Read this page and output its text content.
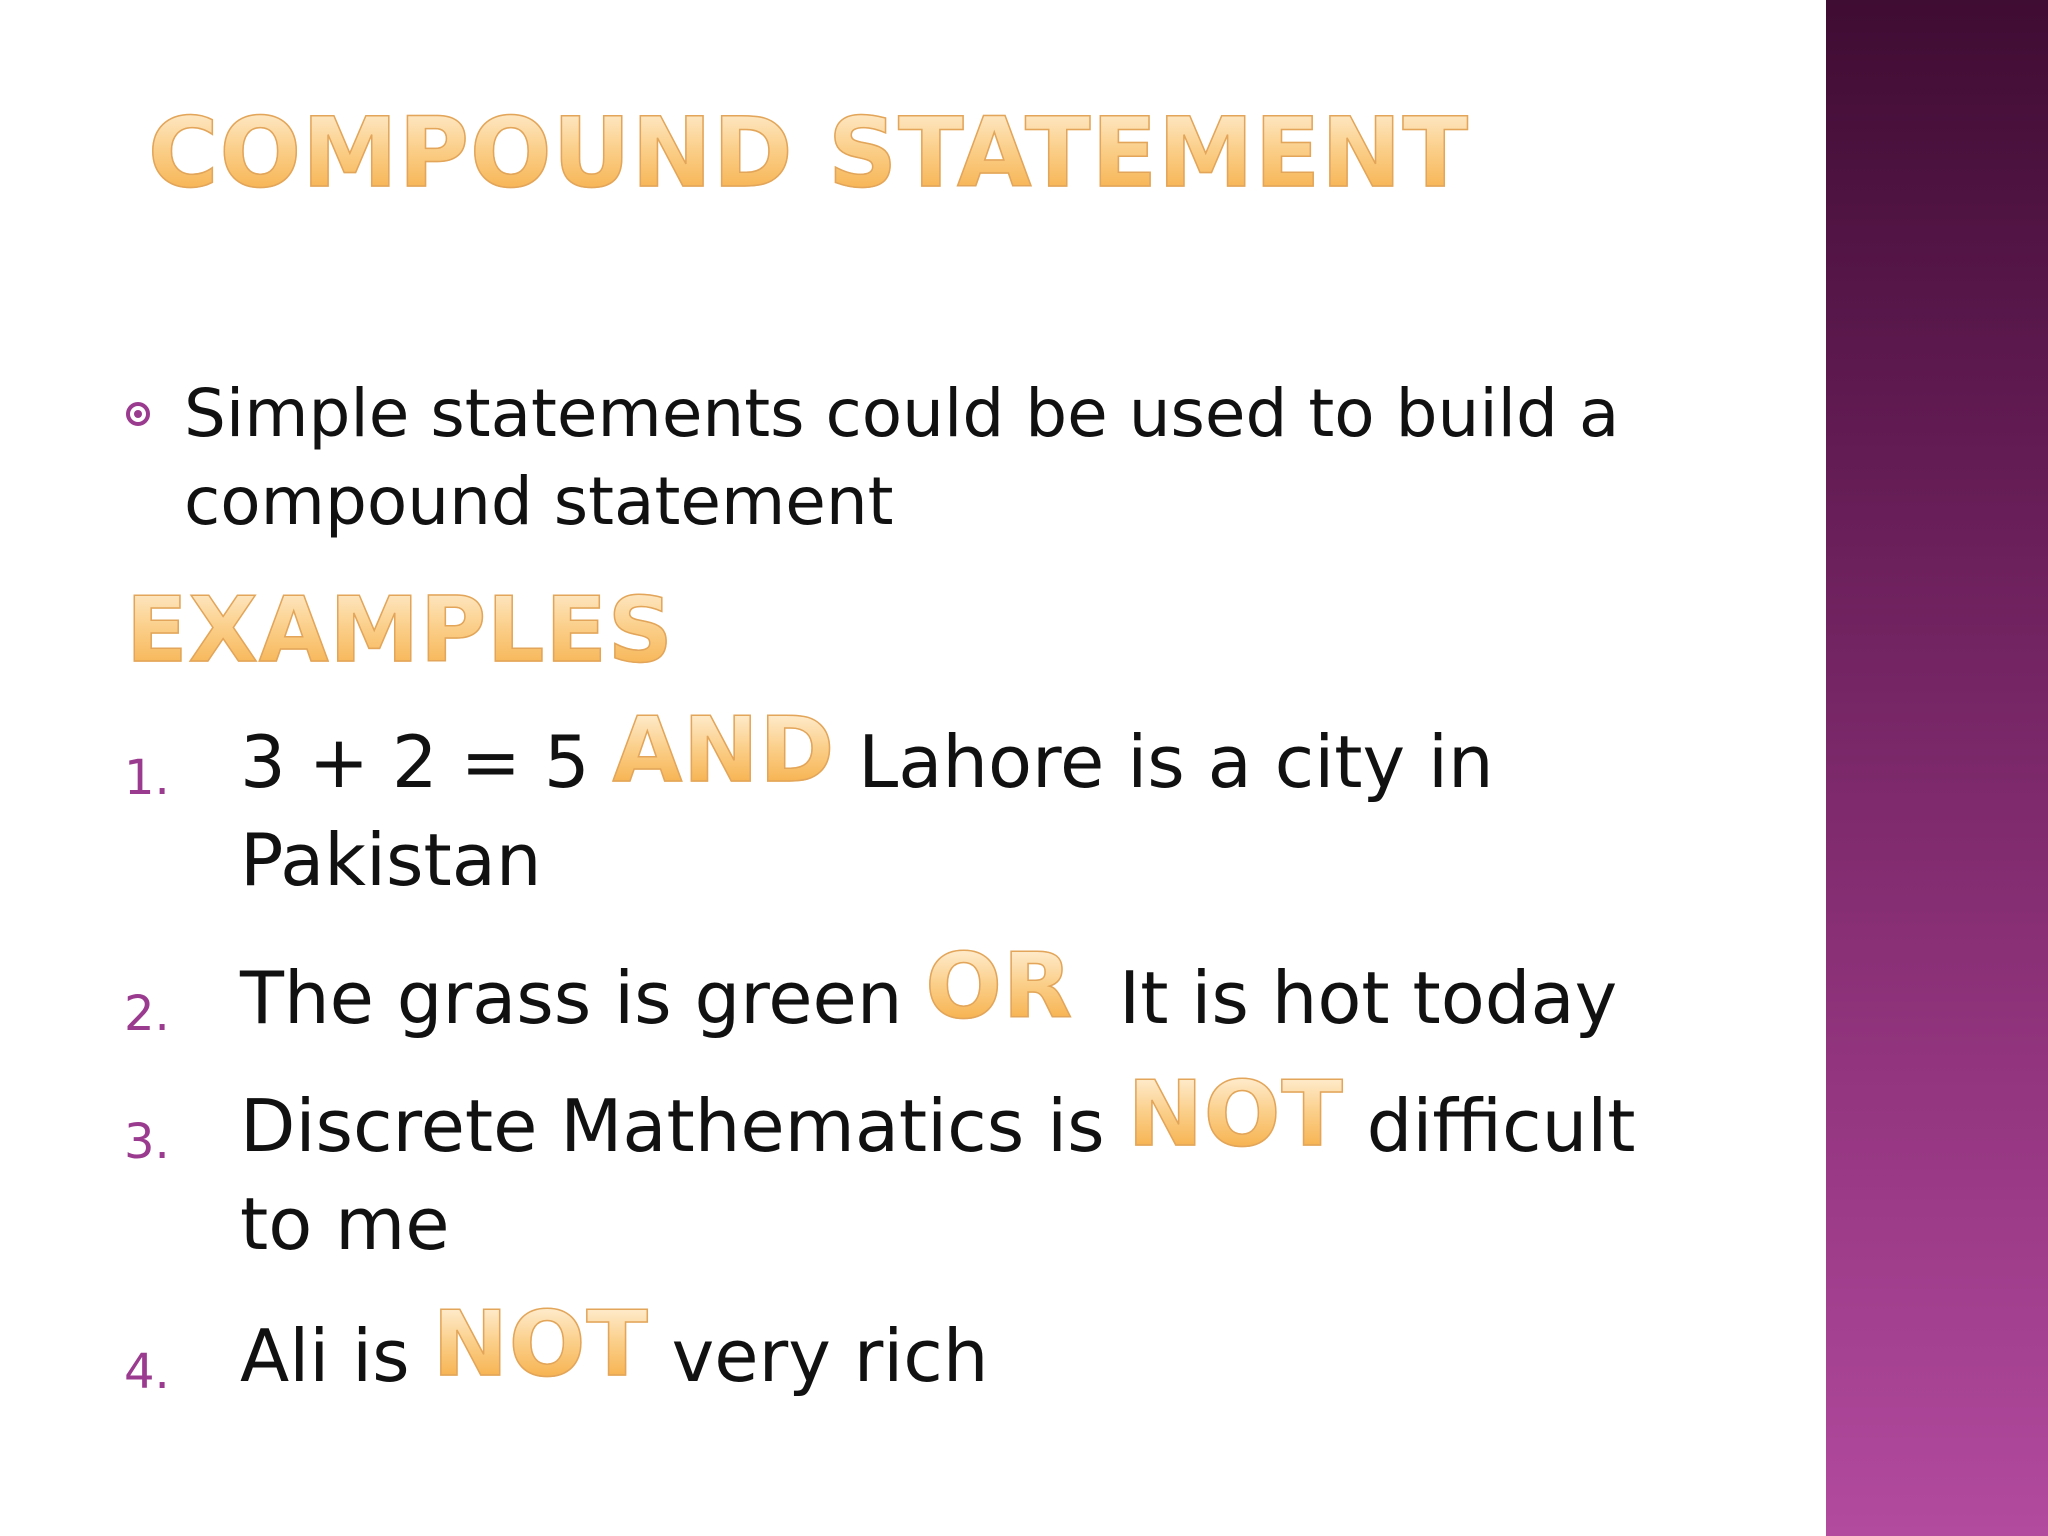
COMPOUND STATEMENT
Simple statements could be used to build a compound statement
EXAMPLES
1. 3 + 2 = 5 AND Lahore is a city in Pakistan
2. The grass is green OR  It is hot today
3. Discrete Mathematics is NOT difficult to me
4. Ali is NOT very rich
